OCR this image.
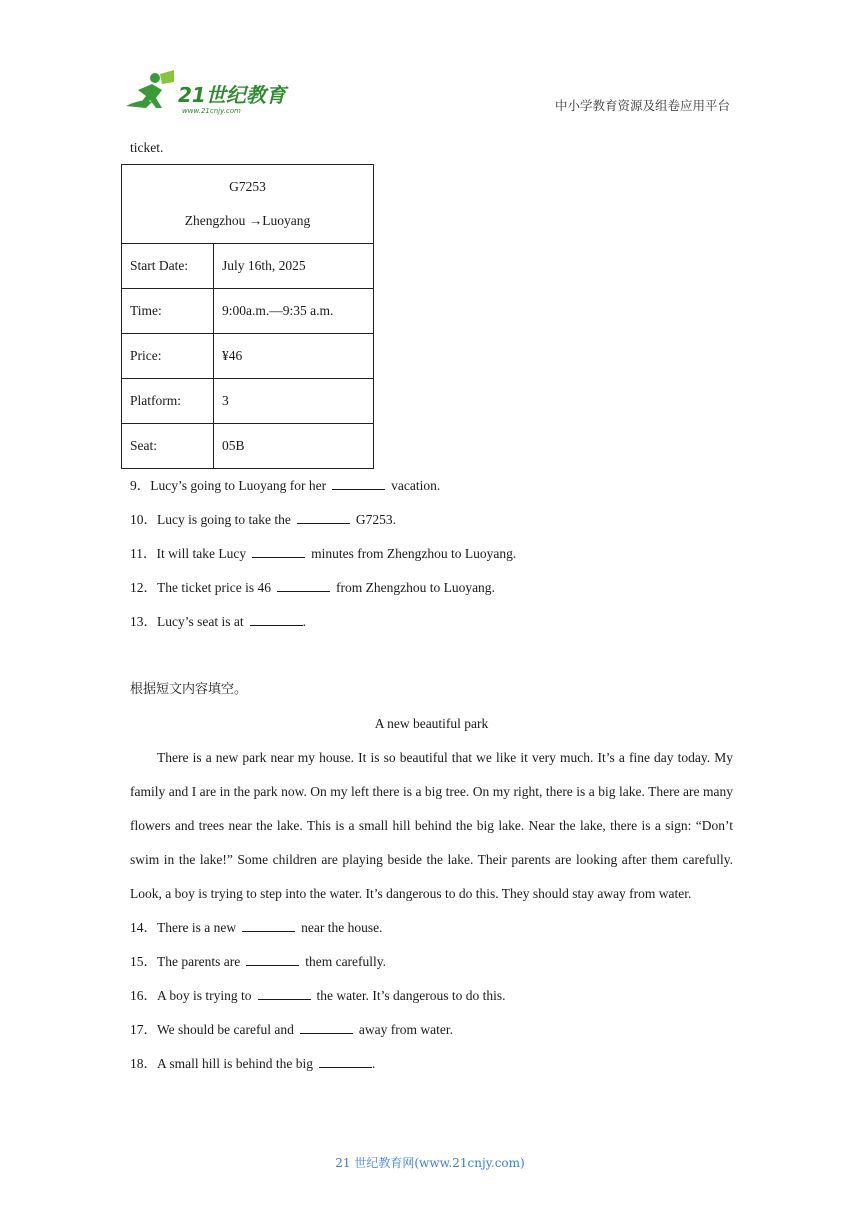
21世纪教育
www.21cnjy.com	中小学教育资源及组卷应用平台
ticket.
G7253
Zhengzhou →Luoyang	

Start Date:	July 16th, 2025
Time:	9:00a.m.—9:35 a.m.
Price:	¥46
Platform:	3
Seat:	05B
9．Lucy’s going to Luoyang for her	vacation.
10．Lucy is going to take the	G7253.
11．It will take Lucy	minutes from Zhengzhou to Luoyang.
12．The ticket price is 46	from Zhengzhou to Luoyang.
13．Lucy’s seat is at	.
根据短文内容填空。
A new beautiful park
There is a new park near my house. It is so beautiful that we like it very much. It’s a fine day today. My family and I are in the park now. On my left there is a big tree. On my right, there is a big lake. There are many flowers and trees near the lake. This is a small hill behind the big lake. Near the lake, there is a sign: “Don’t swim in the lake!” Some children are playing beside the lake. Their parents are looking after them carefully. Look, a boy is trying to step into the water. It’s dangerous to do this. They should stay away from water.
14．There is a new	near the house.
15．The parents are	them carefully.
16．A boy is trying to	the water. It’s dangerous to do this.
17．We should be careful and	away from water.
18．A small hill is behind the big	.
21 世纪教育网(www.21cnjy.com)
